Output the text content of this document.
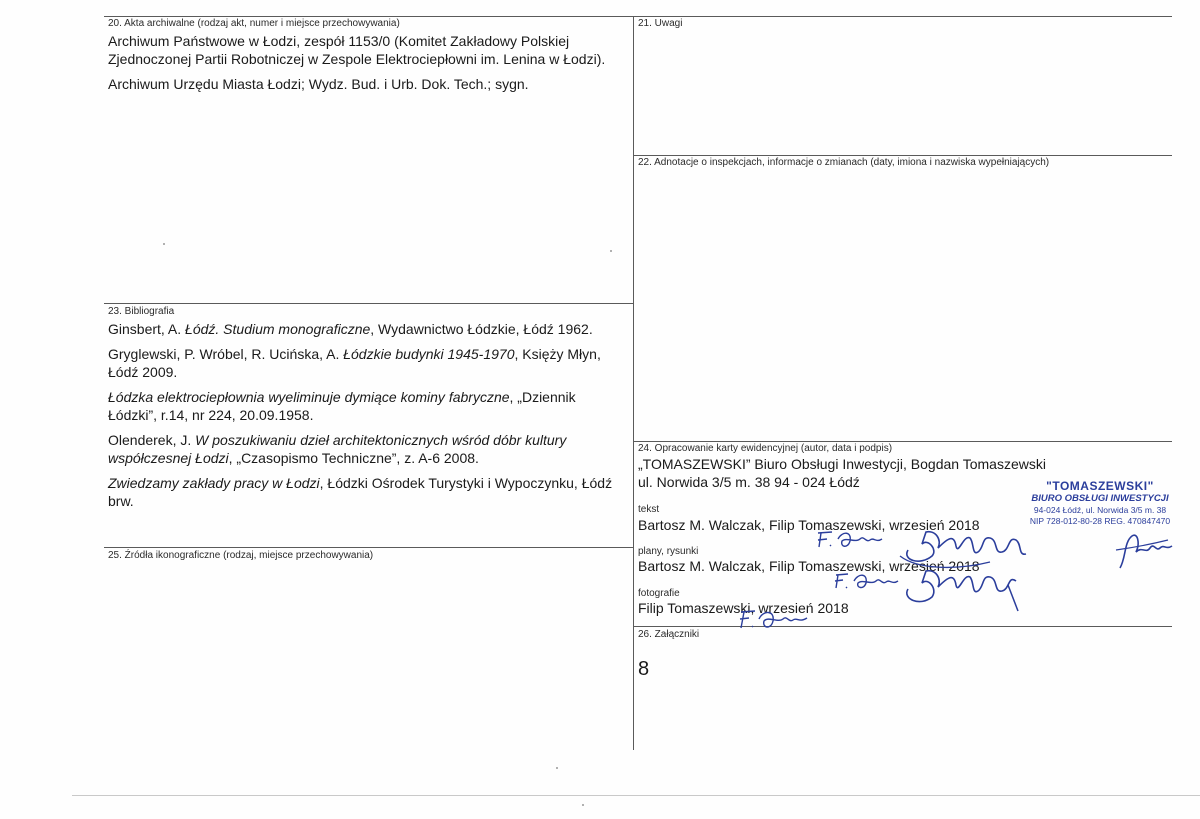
20. Akta archiwalne (rodzaj akt, numer i miejsce przechowywania)

Archiwum Państwowe w Łodzi, zespół 1153/0 (Komitet Zakładowy Polskiej Zjednoczonej Partii Robotniczej w Zespole Elektrociepłowni im. Lenina w Łodzi).

Archiwum Urzędu Miasta Łodzi; Wydz. Bud. i Urb. Dok. Tech.; sygn.

21. Uwagi
22. Adnotacje o inspekcjach, informacje o zmianach (daty, imiona i nazwiska wypełniających)
23. Bibliografia

Ginsbert, A. Łódź. Studium monograficzne, Wydawnictwo Łódzkie, Łódź 1962.

Gryglewski, P. Wróbel, R. Ucińska, A. Łódzkie budynki 1945-1970, Księży Młyn, Łódź 2009.

Łódzka elektrociepłownia wyeliminuje dymiące kominy fabryczne, „Dziennik Łódzki”, r.14, nr 224, 20.09.1958.

Olenderek, J. W poszukiwaniu dzieł architektonicznych wśród dóbr kultury współczesnej Łodzi, „Czasopismo Techniczne”, z. A-6 2008.

Zwiedzamy zakłady pracy w Łodzi, Łódzki Ośrodek Turystyki i Wypoczynku, Łódź brw.

24. Opracowanie karty ewidencyjnej (autor, data i podpis)
„TOMASZEWSKI” Biuro Obsługi Inwestycji, Bogdan Tomaszewski
ul. Norwida 3/5 m. 38 94 - 024 Łódź
tekst
Bartosz M. Walczak, Filip Tomaszewski, wrzesień 2018
plany, rysunki
Bartosz M. Walczak, Filip Tomaszewski, wrzesień 2018
fotografie
Filip Tomaszewski, wrzesień 2018
"TOMASZEWSKI"
BIURO OBSŁUGI INWESTYCJI
94-024 Łódź, ul. Norwida 3/5 m. 38
NIP 728-012-80-28 REG. 470847470
25. Źródła ikonograficzne (rodzaj, miejsce przechowywania)
26. Załączniki
8
